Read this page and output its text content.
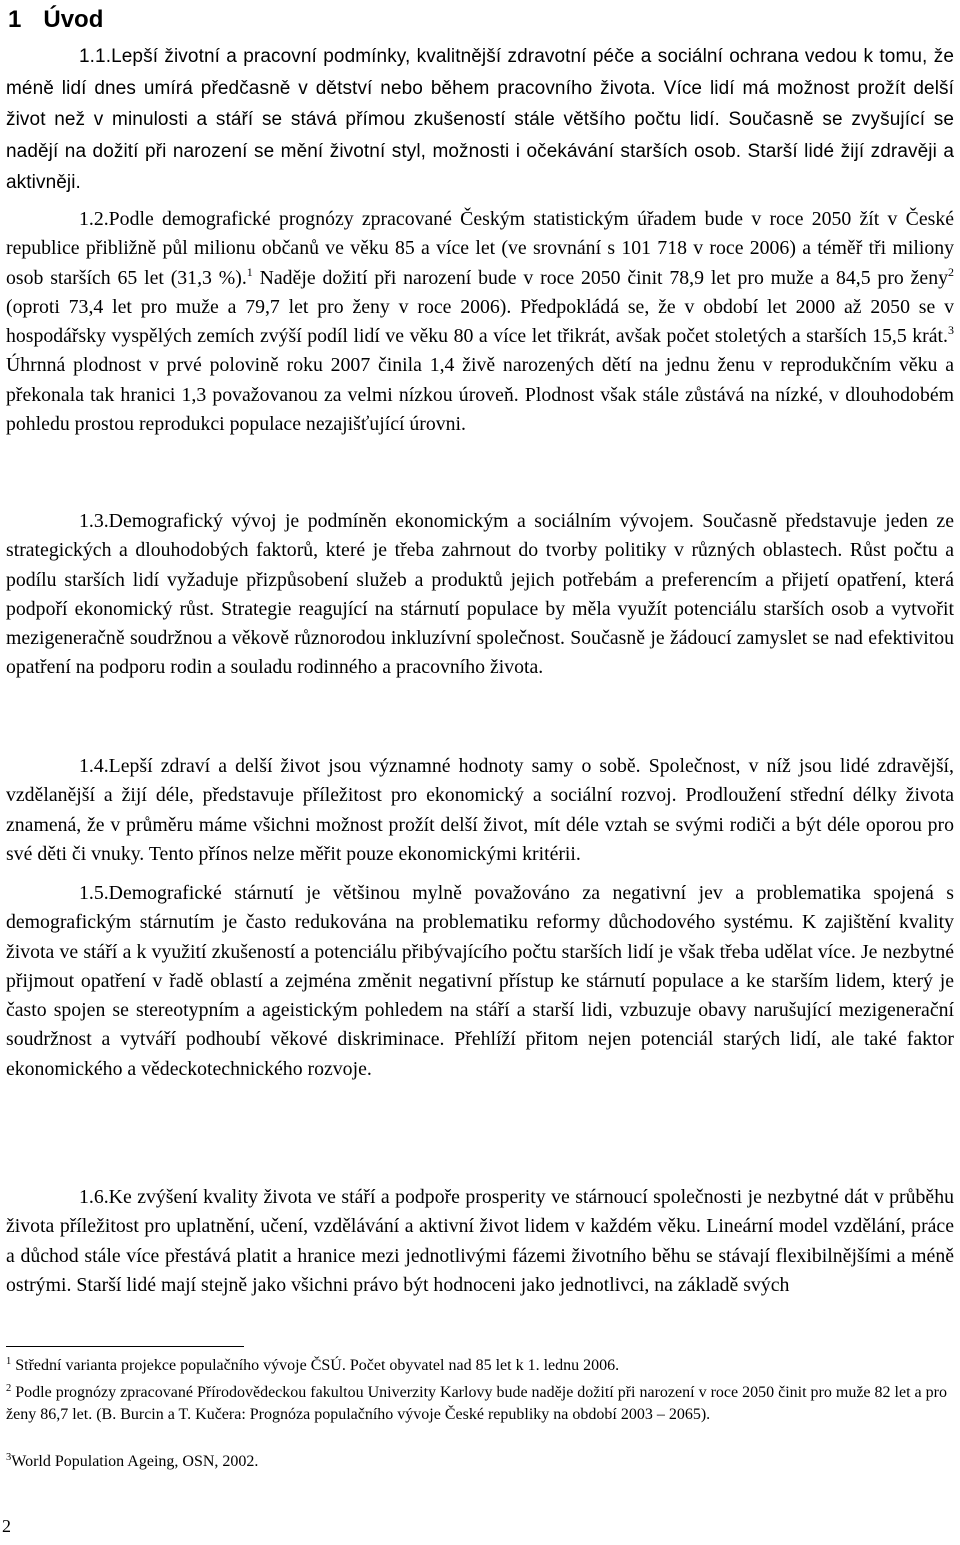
1 Úvod
1.1.Lepší životní a pracovní podmínky, kvalitnější zdravotní péče a sociální ochrana vedou k tomu, že méně lidí dnes umírá předčasně v dětství nebo během pracovního života. Více lidí má možnost prožít delší život než v minulosti a stáří se stává přímou zkušeností stále většího počtu lidí. Současně se zvyšující se nadějí na dožití při narození se mění životní styl, možnosti i očekávání starších osob. Starší lidé žijí zdravěji a aktivněji.
1.2.Podle demografické prognózy zpracované Českým statistickým úřadem bude v roce 2050 žít v České republice přibližně půl milionu občanů ve věku 85 a více let (ve srovnání s 101 718 v roce 2006) a téměř tři miliony osob starších 65 let (31,3 %).$^1$ Naděje dožití při narození bude v roce 2050 činit 78,9 let pro muže a 84,5 pro ženy$^2$ (oproti 73,4 let pro muže a 79,7 let pro ženy v roce 2006). Předpokládá se, že v období let 2000 až 2050 se v hospodářsky vyspělých zemích zvýší podíl lidí ve věku 80 a více let třikrát, avšak počet stoletých a starších 15,5 krát.$^3$ Úhrnná plodnost v prvé polovině roku 2007 činila 1,4 živě narozených dětí na jednu ženu v reprodukčním věku a překonala tak hranici 1,3 považovanou za velmi nízkou úroveň. Plodnost však stále zůstává na nízké, v dlouhodobém pohledu prostou reprodukci populace nezajišťující úrovni.
1.3.Demografický vývoj je podmíněn ekonomickým a sociálním vývojem. Současně představuje jeden ze strategických a dlouhodobých faktorů, které je třeba zahrnout do tvorby politiky v různých oblastech. Růst počtu a podílu starších lidí vyžaduje přizpůsobení služeb a produktů jejich potřebám a preferencím a přijetí opatření, která podpoří ekonomický růst. Strategie reagující na stárnutí populace by měla využít potenciálu starších osob a vytvořit mezigeneračně soudržnou a věkově různorodou inkluzívní společnost. Současně je žádoucí zamyslet se nad efektivitou opatření na podporu rodin a souladu rodinného a pracovního života.
1.4.Lepší zdraví a delší život jsou významné hodnoty samy o sobě. Společnost, v níž jsou lidé zdravější, vzdělanější a žijí déle, představuje příležitost pro ekonomický a sociální rozvoj. Prodloužení střední délky života znamená, že v průměru máme všichni možnost prožít delší život, mít déle vztah se svými rodiči a být déle oporou pro své děti či vnuky. Tento přínos nelze měřit pouze ekonomickými kritérii.
1.5.Demografické stárnutí je většinou mylně považováno za negativní jev a problematika spojená s demografickým stárnutím je často redukována na problematiku reformy důchodového systému. K zajištění kvality života ve stáří a k využití zkušeností a potenciálu přibývajícího počtu starších lidí je však třeba udělat více. Je nezbytné přijmout opatření v řadě oblastí a zejména změnit negativní přístup ke stárnutí populace a ke starším lidem, který je často spojen se stereotypním a ageistickým pohledem na stáří a starší lidi, vzbuzuje obavy narušující mezigenerační soudržnost a vytváří podhoubí věkové diskriminace. Přehlíží přitom nejen potenciál starých lidí, ale také faktor ekonomického a vědeckotechnického rozvoje.
1.6.Ke zvýšení kvality života ve stáří a podpoře prosperity ve stárnoucí společnosti je nezbytné dát v průběhu života příležitost pro uplatnění, učení, vzdělávání a aktivní život lidem v každém věku. Lineární model vzdělání, práce a důchod stále více přestává platit a hranice mezi jednotlivými fázemi životního běhu se stávají flexibilnějšími a méně ostrými. Starší lidé mají stejně jako všichni právo být hodnoceni jako jednotlivci, na základě svých
$^1$ Střední varianta projekce populačního vývoje ČSÚ. Počet obyvatel nad 85 let k 1. lednu 2006.
$^2$ Podle prognózy zpracované Přírodovědeckou fakultou Univerzity Karlovy bude naděje dožití při narození v roce 2050 činit pro muže 82 let a pro ženy 86,7 let. (B. Burcin a T. Kučera: Prognóza populačního vývoje České republiky na období 2003 – 2065).
$^3$World Population Ageing, OSN, 2002.
2
